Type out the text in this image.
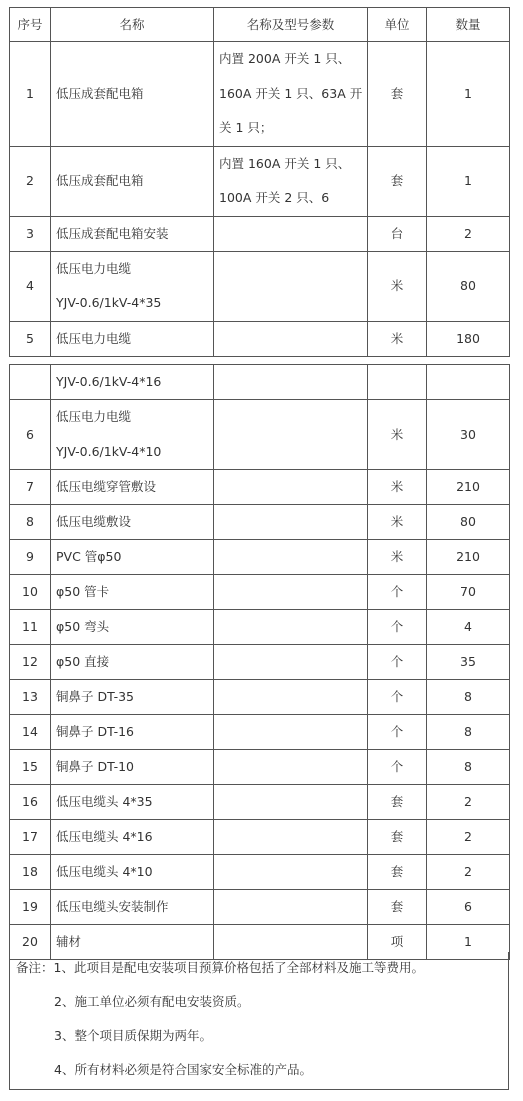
序号	名称	名称及型号参数	单位	数量
1	低压成套配电箱	内置 200A 开关 1 只、
160A 开关 1 只、63A 开
关 1 只；	套	1
2	低压成套配电箱	内置 160A 开关 1 只、
100A 开关 2 只、6	套	1
3	低压成套配电箱安装		台	2
4	低压电力电缆
YJV-0.6/1kV-4*35		米	80
5	低压电力电缆		米	180
	YJV-0.6/1kV-4*16			
6	低压电力电缆
YJV-0.6/1kV-4*10		米	30
7	低压电缆穿管敷设		米	210
8	低压电缆敷设		米	80
9	PVC 管φ50		米	210
10	φ50 管卡		个	70
11	φ50 弯头		个	4
12	φ50 直接		个	35
13	铜鼻子 DT-35		个	8
14	铜鼻子 DT-16		个	8
15	铜鼻子 DT-10		个	8
16	低压电缆头 4*35		套	2
17	低压电缆头 4*16		套	2
18	低压电缆头 4*10		套	2
19	低压电缆头安装制作		套	6
20	辅材		项	1
备注：1、此项目是配电安装项目预算价格包括了全部材料及施工等费用。
2、施工单位必须有配电安装资质。
3、整个项目质保期为两年。
4、所有材料必须是符合国家安全标准的产品。
